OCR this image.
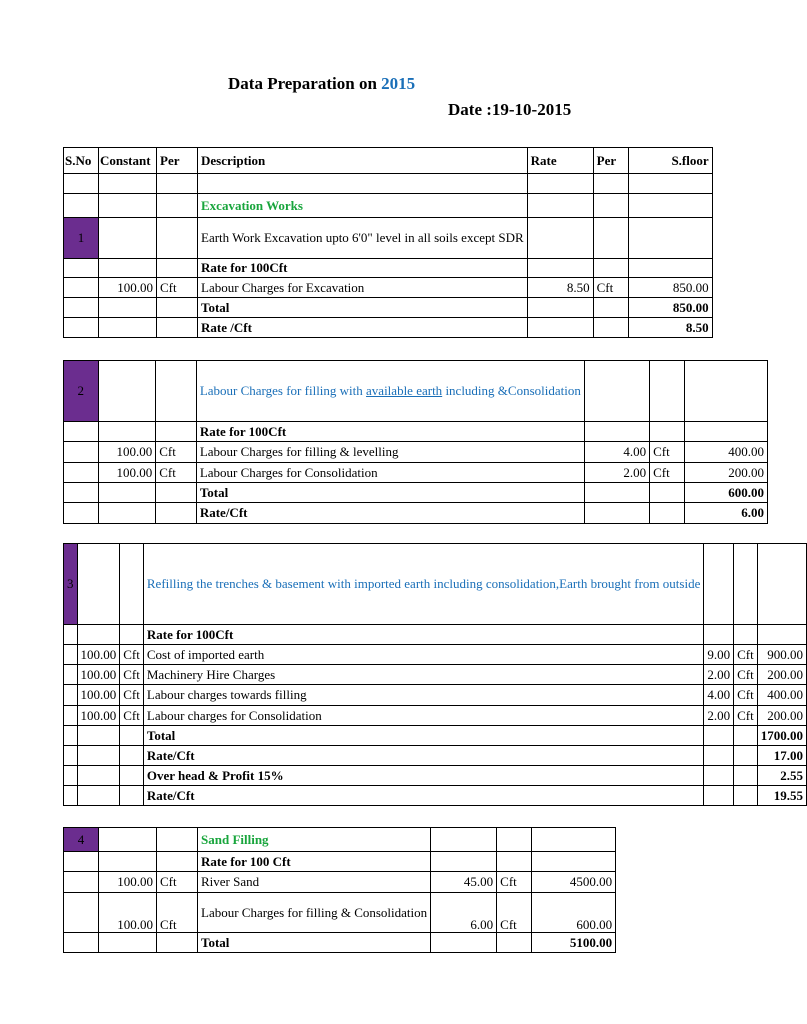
Data Preparation on 2015
Date :19-10-2015
S.No	Constant	Per	Description	Rate	Per	S.floor

			Excavation Works			
1			Earth Work Excavation upto 6'0" level in all soils except SDR			
			Rate for 100Cft			
	100.00	Cft	Labour Charges for Excavation	8.50	Cft	850.00
			Total			850.00
			Rate /Cft			8.50
2			Labour Charges for filling with available earth including &Consolidation			
			Rate for 100Cft			
	100.00	Cft	Labour Charges for filling & levelling	4.00	Cft	400.00
	100.00	Cft	Labour Charges for Consolidation	2.00	Cft	200.00
			Total			600.00
			Rate/Cft			6.00
3			Refilling the trenches & basement with imported earth including consolidation,Earth brought from outside			
			Rate for 100Cft			
	100.00	Cft	Cost of imported earth	9.00	Cft	900.00
	100.00	Cft	Machinery Hire Charges	2.00	Cft	200.00
	100.00	Cft	Labour charges towards filling	4.00	Cft	400.00
	100.00	Cft	Labour charges for Consolidation	2.00	Cft	200.00
			Total			1700.00
			Rate/Cft			17.00
			Over head & Profit 15%			2.55
			Rate/Cft			19.55
4			Sand Filling			
			Rate for 100 Cft			
	100.00	Cft	River Sand	45.00	Cft	4500.00
	100.00	Cft	Labour Charges for filling & Consolidation	6.00	Cft	600.00
			Total			5100.00
